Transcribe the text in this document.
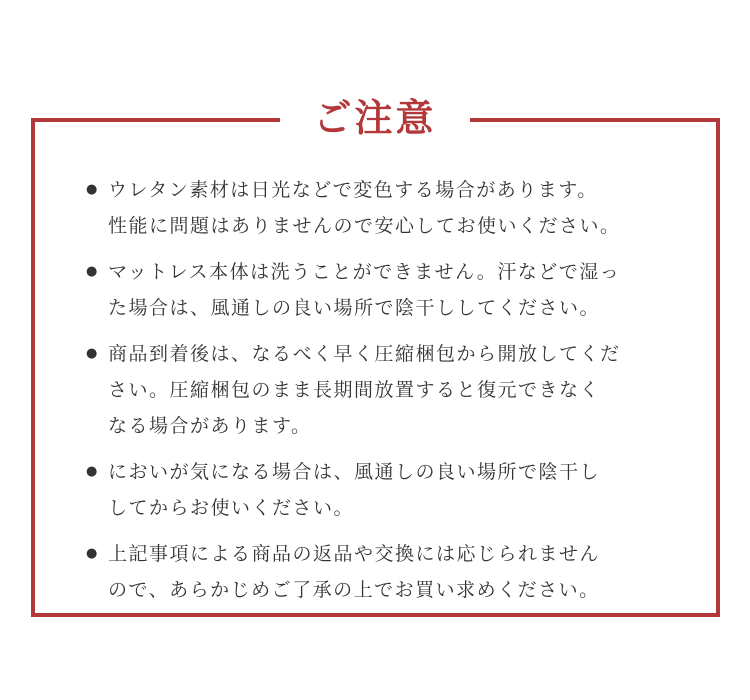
ご注意
● ウレタン素材は日光などで変色する場合があります。
性能に問題はありませんので安心してお使いください。
● マットレス本体は洗うことができません。汗などで湿っ
た場合は、風通しの良い場所で陰干ししてください。
● 商品到着後は、なるべく早く圧縮梱包から開放してくだ
さい。圧縮梱包のまま長期間放置すると復元できなく
なる場合があります。
● においが気になる場合は、風通しの良い場所で陰干し
してからお使いください。
● 上記事項による商品の返品や交換には応じられません
ので、あらかじめご了承の上でお買い求めください。
